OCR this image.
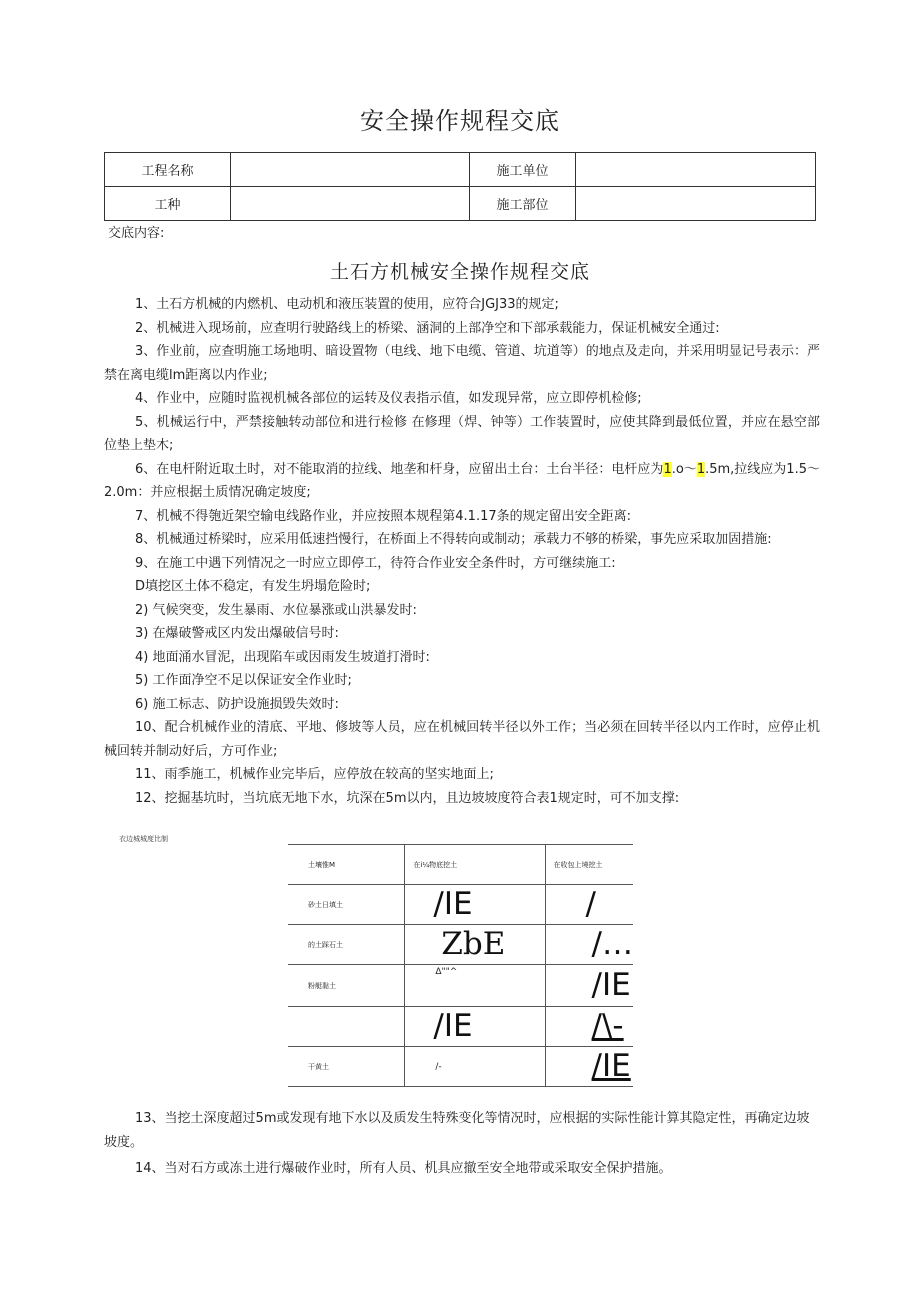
安全操作规程交底
工程名称		施工单位	
工种		施工部位	
交底内容:
土石方机械安全操作规程交底

1、土石方机械的内燃机、电动机和液压装置的使用，应符合JGJ33的规定;

2、机械进入现场前，应查明行驶路线上的桥梁、涵洞的上部净空和下部承载能力，保证机械安全通过:

3、作业前，应查明施工场地明、暗设置物（电线、地下电缆、管道、坑道等）的地点及走向，并采用明显记号表示：严禁在离电缆lm距离以内作业;

4、作业中，应随时监视机械各部位的运转及仪表指示值，如发现异常，应立即停机检修;

5、机械运行中，严禁接触转动部位和进行检修 在修理（焊、钟等）工作装置时，应使其降到最低位置，并应在悬空部位垫上垫木;

6、在电杆附近取土时，对不能取消的拉线、地垄和杆身，应留出土台：土台半径：电杆应为1.o〜1.5m,拉线应为1.5〜2.0m：并应根据土质情况确定坡度;

7、机械不得匏近架空输电线路作业，并应按照本规程第4.1.17条的规定留出安全距离:

8、机械通过桥梁时，应采用低速挡慢行，在桥面上不得转向或制动；承载力不够的桥梁，事先应采取加固措施:

9、在施工中遇下列情况之一时应立即停工，待符合作业安全条件时，方可继续施工:

D填挖区土体不稳定，有发生坍塌危险时;

2) 气候突变，发生暴雨、水位暴涨或山洪暴发时:

3) 在爆破警戒区内发出爆破信号时:

4) 地面涌水冒泥，出现陷车或因雨发生坡道打滑时:

5) 工作面净空不足以保证安全作业时;

6) 施工标志、防护设施损毁失效时:

10、配合机械作业的清底、平地、修坡等人员，应在机械回转半径以外工作；当必须在回转半径以内工作时，应停止机械回转并制动好后，方可作业;

11、雨季施工，机械作业完毕后，应停放在较高的坚实地面上;

12、挖掘基坑时，当坑底无地下水，坑深在5m以内，且边坡坡度符合表1规定时，可不加支撑:

衣边城城度比制
土壤惟M	在i¼物底挖土	在收包上境挖土
砂土日填土	/IE	/
的土踩石土	ZbE	/…
粉艇黏土	ᐃ""^	/IE
	/IE	/\-
干黄土	/-	/IE

13、当挖土深度超过5m或发现有地下水以及质发生特殊变化等情况时，应根据的实际性能计算其隐定性，再确定边坡坡度。

14、当对石方或冻土进行爆破作业时，所有人员、机具应撤至安全地带或采取安全保护措施。
